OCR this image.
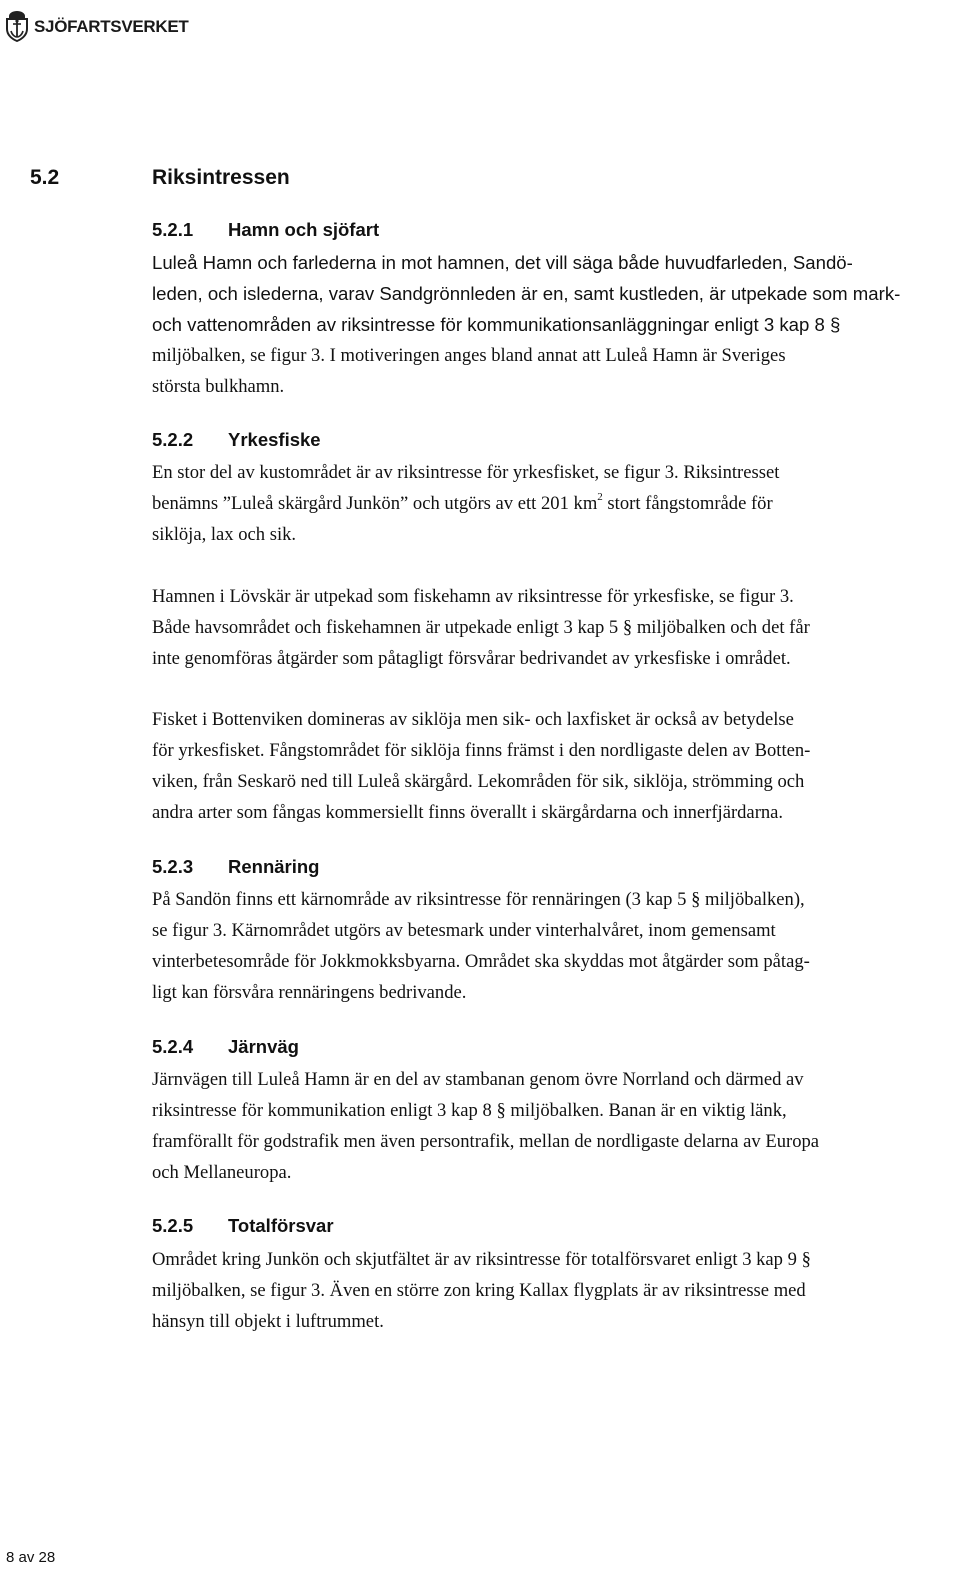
SJÖFARTSVERKET
5.2	Riksintressen
5.2.1 Hamn och sjöfart
Luleå Hamn och farlederna in mot hamnen, det vill säga både huvudfarleden, Sandö-
leden, och islederna, varav Sandgrönnleden är en, samt kustleden, är utpekade som mark-
och vattenområden av riksintresse för kommunikationsanläggningar enligt 3 kap 8 §
miljöbalken, se figur 3. I motiveringen anges bland annat att Luleå Hamn är Sveriges
största bulkhamn.
5.2.2 Yrkesfiske
En stor del av kustområdet är av riksintresse för yrkesfisket, se figur 3. Riksintresset
benämns ”Luleå skärgård Junkön” och utgörs av ett 201 $km^2$ stort fångstområde för
siklöja, lax och sik.
Hamnen i Lövskär är utpekad som fiskehamn av riksintresse för yrkesfiske, se figur 3.
Både havsområdet och fiskehamnen är utpekade enligt 3 kap 5 § miljöbalken och det får
inte genomföras åtgärder som påtagligt försvårar bedrivandet av yrkesfiske i området.
Fisket i Bottenviken domineras av siklöja men sik- och laxfisket är också av betydelse
för yrkesfisket. Fångstområdet för siklöja finns främst i den nordligaste delen av Botten-
viken, från Seskarö ned till Luleå skärgård. Lekområden för sik, siklöja, strömming och
andra arter som fångas kommersiellt finns överallt i skärgårdarna och innerfjärdarna.
5.2.3 Rennäring
På Sandön finns ett kärnområde av riksintresse för rennäringen (3 kap 5 § miljöbalken),
se figur 3. Kärnområdet utgörs av betesmark under vinterhalvåret, inom gemensamt
vinterbetesområde för Jokkmokksbyarna. Området ska skyddas mot åtgärder som påtag-
ligt kan försvåra rennäringens bedrivande.
5.2.4 Järnväg
Järnvägen till Luleå Hamn är en del av stambanan genom övre Norrland och därmed av
riksintresse för kommunikation enligt 3 kap 8 § miljöbalken. Banan är en viktig länk,
framförallt för godstrafik men även persontrafik, mellan de nordligaste delarna av Europa
och Mellaneuropa.
5.2.5 Totalförsvar
Området kring Junkön och skjutfältet är av riksintresse för totalförsvaret enligt 3 kap 9 §
miljöbalken, se figur 3. Även en större zon kring Kallax flygplats är av riksintresse med
hänsyn till objekt i luftrummet.
8 av 28
